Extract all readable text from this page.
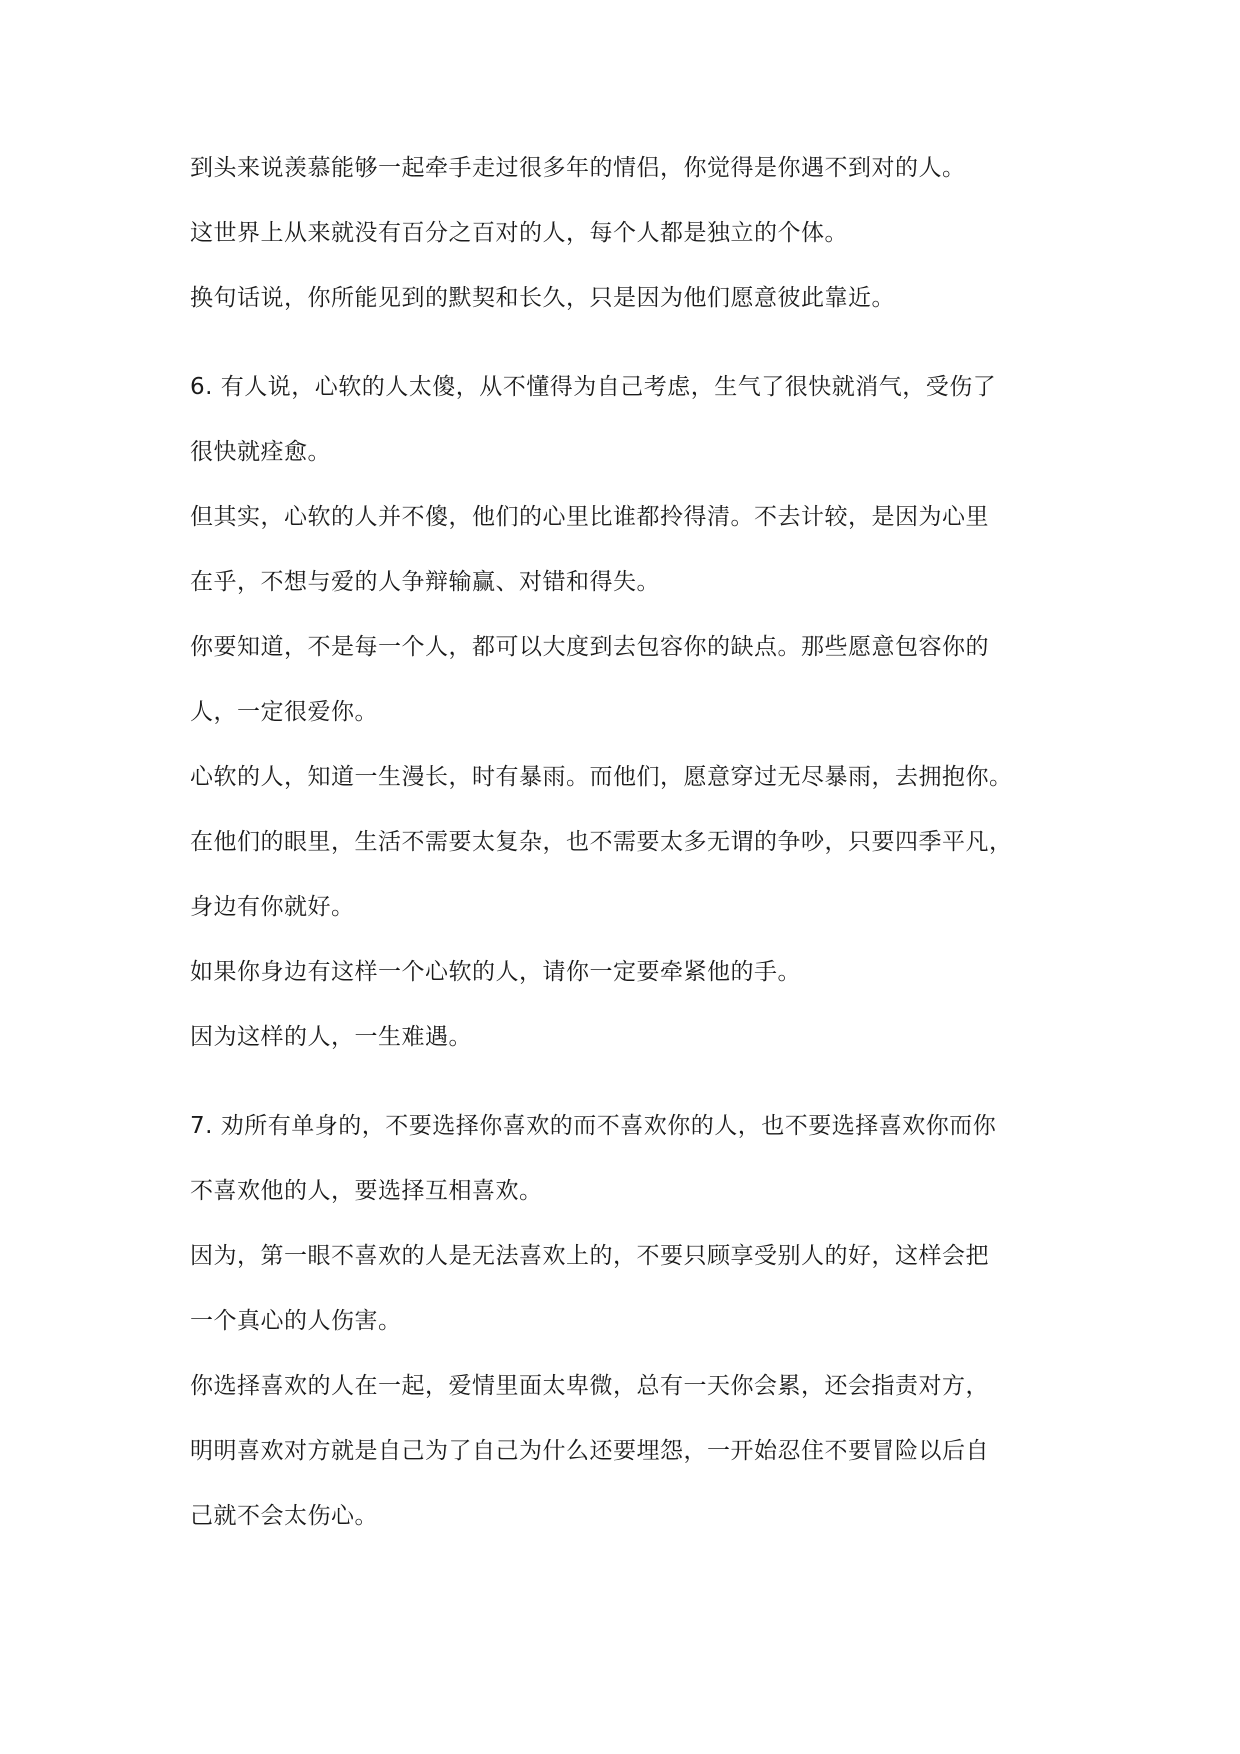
到头来说羡慕能够一起牵手走过很多年的情侣，你觉得是你遇不到对的人。

这世界上从来就没有百分之百对的人，每个人都是独立的个体。

换句话说，你所能见到的默契和长久，只是因为他们愿意彼此靠近。

6. 有人说，心软的人太傻，从不懂得为自己考虑，生气了很快就消气，受伤了

很快就痊愈。

但其实，心软的人并不傻，他们的心里比谁都拎得清。不去计较，是因为心里

在乎，不想与爱的人争辩输赢、对错和得失。

你要知道，不是每一个人，都可以大度到去包容你的缺点。那些愿意包容你的

人，一定很爱你。

心软的人，知道一生漫长，时有暴雨。而他们，愿意穿过无尽暴雨，去拥抱你。

在他们的眼里，生活不需要太复杂，也不需要太多无谓的争吵，只要四季平凡，

身边有你就好。

如果你身边有这样一个心软的人，请你一定要牵紧他的手。

因为这样的人，一生难遇。

7. 劝所有单身的，不要选择你喜欢的而不喜欢你的人，也不要选择喜欢你而你

不喜欢他的人，要选择互相喜欢。

因为，第一眼不喜欢的人是无法喜欢上的，不要只顾享受别人的好，这样会把

一个真心的人伤害。

你选择喜欢的人在一起，爱情里面太卑微，总有一天你会累，还会指责对方，

明明喜欢对方就是自己为了自己为什么还要埋怨，一开始忍住不要冒险以后自

己就不会太伤心。
